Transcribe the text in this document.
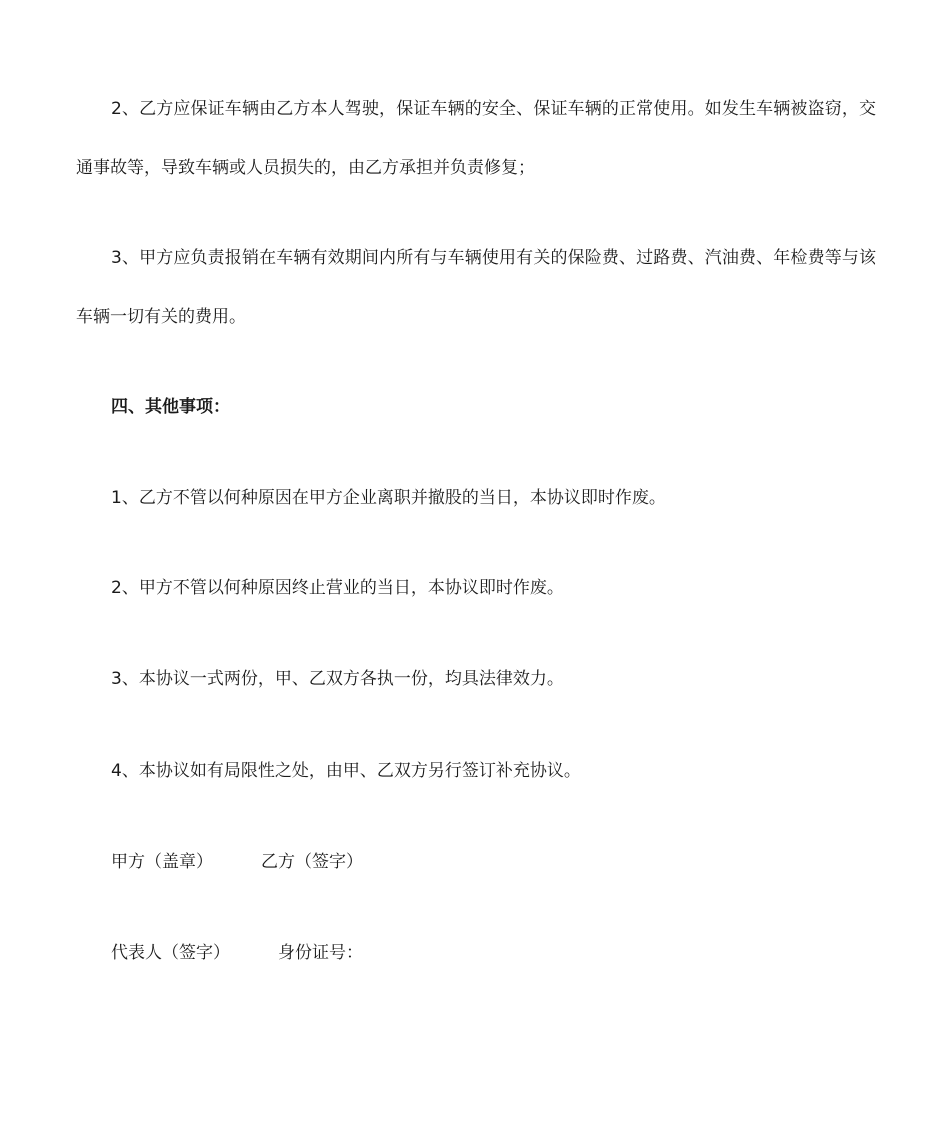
2、乙方应保证车辆由乙方本人驾驶，保证车辆的安全、保证车辆的正常使用。如发生车辆被盗窃，交通事故等，导致车辆或人员损失的，由乙方承担并负责修复；
3、甲方应负责报销在车辆有效期间内所有与车辆使用有关的保险费、过路费、汽油费、年检费等与该车辆一切有关的费用。
四、其他事项：
1、乙方不管以何种原因在甲方企业离职并撤股的当日，本协议即时作废。
2、甲方不管以何种原因终止营业的当日，本协议即时作废。
3、本协议一式两份，甲、乙双方各执一份，均具法律效力。
4、本协议如有局限性之处，由甲、乙双方另行签订补充协议。
甲方（盖章）	乙方（签字）
代表人（签字）	身份证号：
